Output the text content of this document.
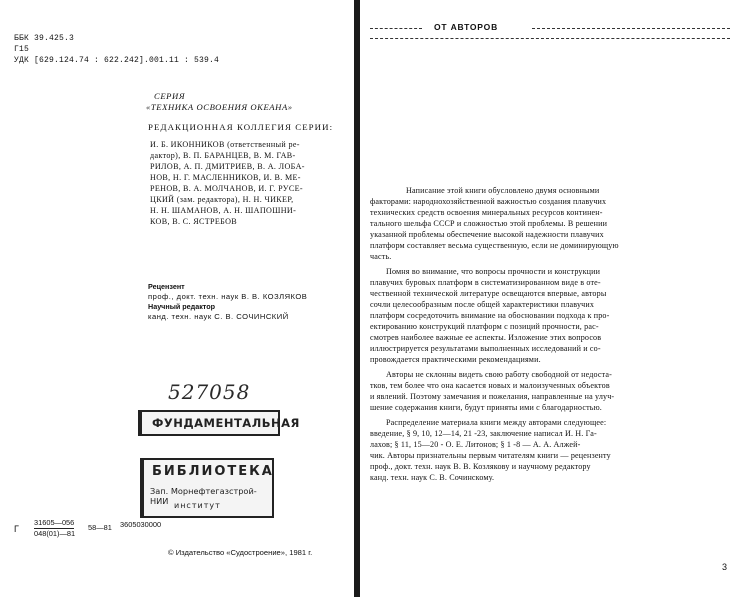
ББК 39.425.3
Г15
УДК [629.124.74 : 622.242].001.11 : 539.4
СЕРИЯ
«ТЕХНИКА ОСВОЕНИЯ ОКЕАНА»
РЕДАКЦИОННАЯ КОЛЛЕГИЯ СЕРИИ:
И. Б. ИКОННИКОВ (ответственный ре-
дактор), В. П. БАРАНЦЕВ, В. М. ГАВ-
РИЛОВ, А. П. ДМИТРИЕВ, В. А. ЛОБА-
НОВ, Н. Г. МАСЛЕННИКОВ, И. В. МЕ-
РЕНОВ, В. А. МОЛЧАНОВ, И. Г. РУСЕ-
ЦКИЙ (зам. редактора), Н. Н. ЧИКЕР,
Н. Н. ШАМАНОВ, А. Н. ШАПОШНИ-
КОВ, В. С. ЯСТРЕБОВ
Рецензент
проф., докт. техн. наук В. В. КОЗЛЯКОВ
Научный редактор
канд. техн. наук С. В. СОЧИНСКИЙ
527058
ФУНДАМЕНТАЛЬНАЯ
БИБЛИОТЕКА
Зап. Морнефтегазстрой-НИИ институт
Г
31605—056
048(01)—81
58—81 3605030000
© Издательство «Судостроение», 1981 г.
ОТ АВТОРОВ
Написание этой книги обусловлено двумя основными
факторами: народнохозяйственной важностью создания плавучих
технических средств освоения минеральных ресурсов континен-
тального шельфа СССР и сложностью этой проблемы. В решении
указанной проблемы обеспечение высокой надежности плавучих
платформ составляет весьма существенную, если не доминирующую
часть.
Помня во внимание, что вопросы прочности и конструкции
плавучих буровых платформ в систематизированном виде в оте-
чественной технической литературе освещаются впервые, авторы
сочли целесообразным после общей характеристики плавучих
платформ сосредоточить внимание на обосновании подхода к про-
ектированию конструкций платформ с позиций прочности, рас-
смотрев наиболее важные ее аспекты. Изложение этих вопросов
иллюстрируется результатами выполненных исследований и со-
провождается практическими рекомендациями.
Авторы не склонны видеть свою работу свободной от недоста-
тков, тем более что она касается новых и малоизученных объектов
и явлений. Поэтому замечания и пожелания, направленные на улуч-
шение содержания книги, будут приняты ими с благодарностью.
Распределение материала книги между авторами следующее:
введение, § 9, 10, 12—14, 21 -23, заключение написал И. Н. Га-
лахов; § 11, 15—20 - О. Е. Литонов; § 1 -8 — А. А. Алжей-
чик. Авторы признательны первым читателям книги — рецензенту
проф., докт. техн. наук В. В. Козлякову и научному редактору
канд. техн. наук С. В. Сочинскому.
3
